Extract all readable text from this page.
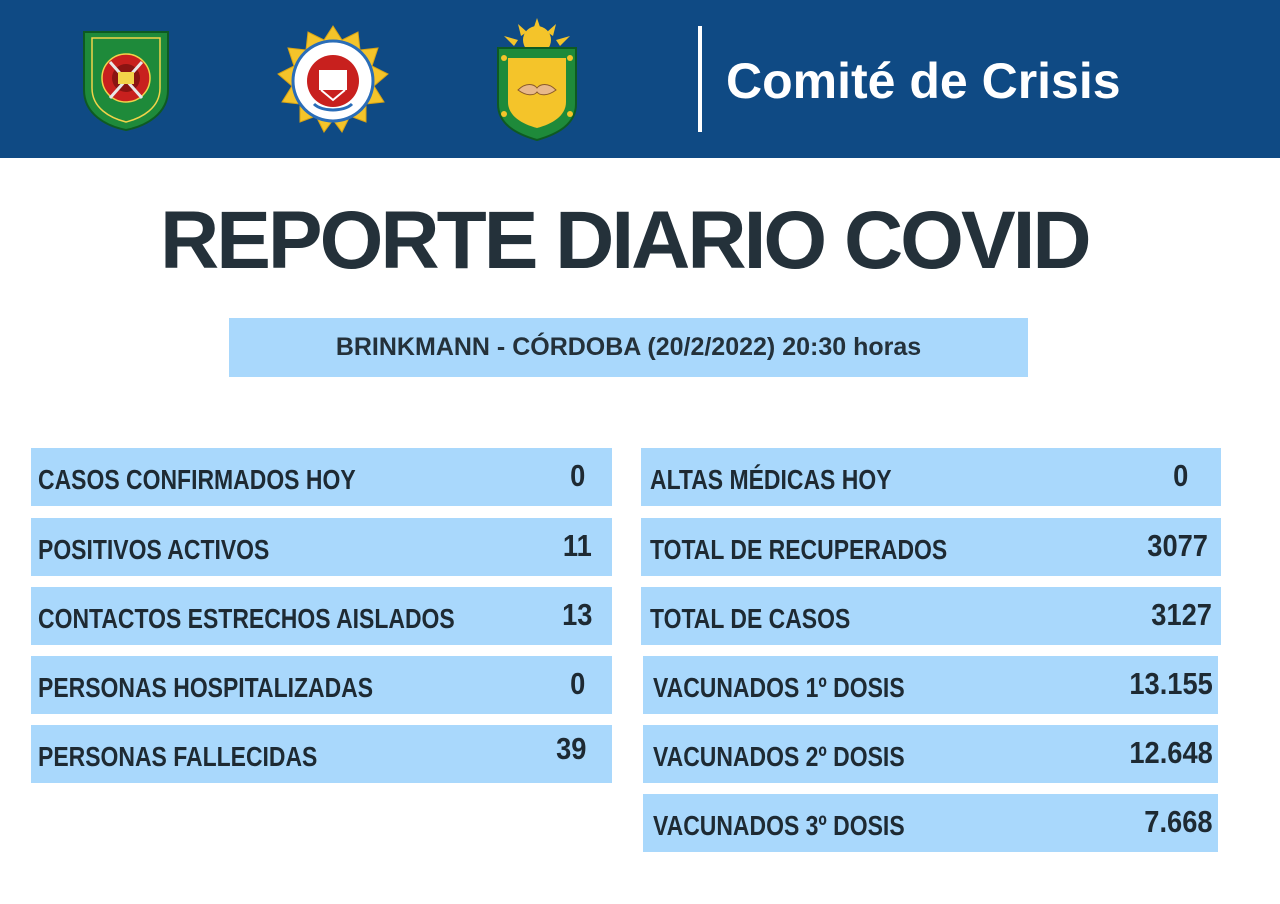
Comité de Crisis
REPORTE DIARIO COVID
BRINKMANN - CÓRDOBA (20/2/2022) 20:30 horas
CASOS CONFIRMADOS HOY	0
POSITIVOS ACTIVOS	11
CONTACTOS ESTRECHOS AISLADOS	13
PERSONAS HOSPITALIZADAS	0
PERSONAS FALLECIDAS	39
ALTAS MÉDICAS HOY	0
TOTAL DE RECUPERADOS	3077
TOTAL DE CASOS	3127
VACUNADOS 1º DOSIS	13.155
VACUNADOS 2º DOSIS	12.648
VACUNADOS 3º DOSIS	7.668
